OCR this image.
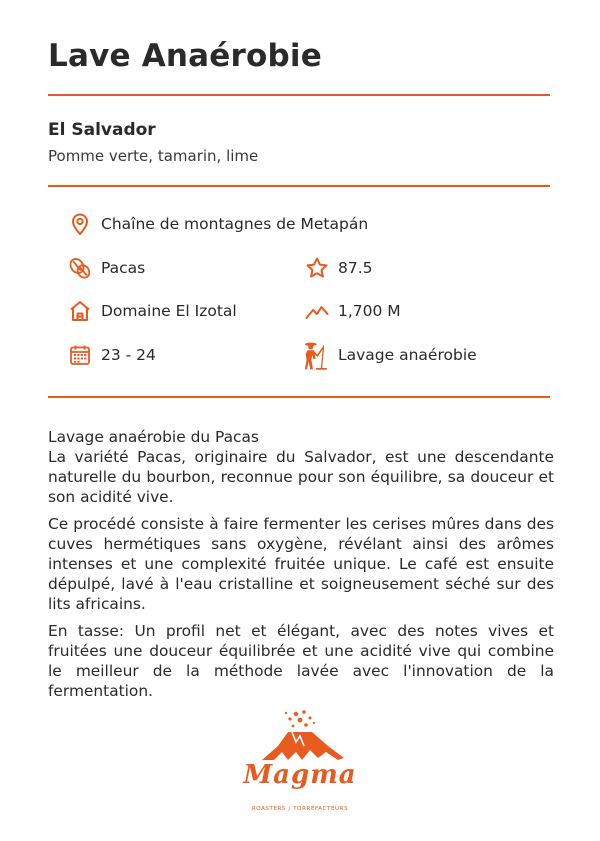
Lave Anaérobie
El Salvador
Pomme verte, tamarin, lime
Chaîne de montagnes de Metapán
Pacas	87.5
Domaine El Izotal	1,700 M
23 - 24	Lavage anaérobie
Lavage anaérobie du Pacas

La variété Pacas, originaire du Salvador, est une descendante naturelle du bourbon, reconnue pour son équilibre, sa douceur et son acidité vive.

Ce procédé consiste à faire fermenter les cerises mûres dans des cuves hermétiques sans oxygène, révélant ainsi des arômes intenses et une complexité fruitée unique. Le café est ensuite dépulpé, lavé à l'eau cristalline et soigneusement séché sur des lits africains.

En tasse: Un profil net et élégant, avec des notes vives et fruitées une douceur équilibrée et une acidité vive qui combine le meilleur de la méthode lavée avec l'innovation de la fermentation.

Magma
ROASTERS / TORRÉFACTEURS
